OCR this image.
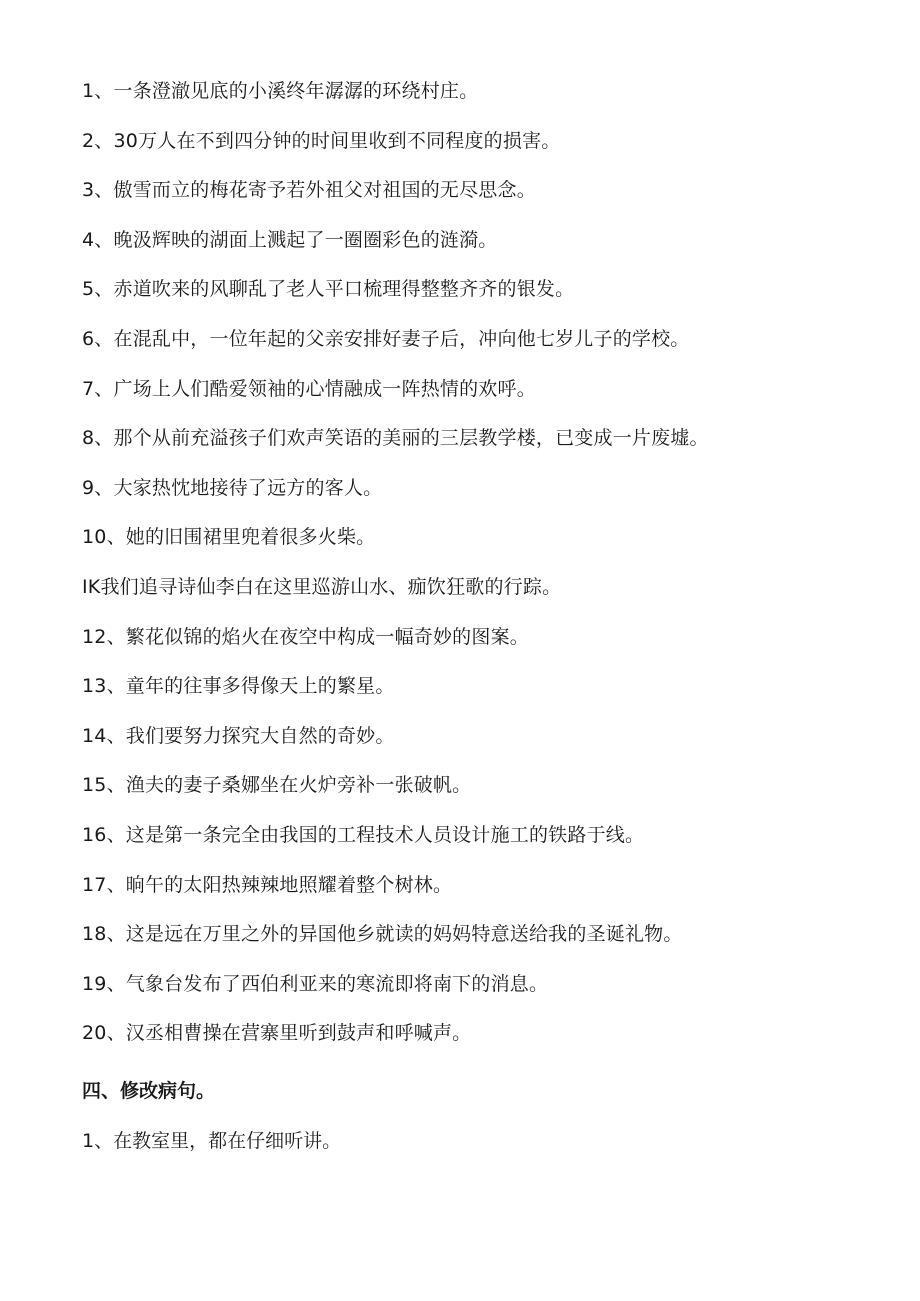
1、一条澄澈见底的小溪终年潺潺的环绕村庄。
2、30万人在不到四分钟的时间里收到不同程度的损害。
3、傲雪而立的梅花寄予若外祖父对祖国的无尽思念。
4、晚汲辉映的湖面上溅起了一圈圈彩色的涟漪。
5、赤道吹来的风聊乱了老人平口梳理得整整齐齐的银发。
6、在混乱中，一位年起的父亲安排好妻子后，冲向他七岁儿子的学校。
7、广场上人们酷爱领袖的心情融成一阵热情的欢呼。
8、那个从前充溢孩子们欢声笑语的美丽的三层教学楼，已变成一片废墟。
9、大家热忱地接待了远方的客人。
10、她的旧围裙里兜着很多火柴。
IK我们追寻诗仙李白在这里巡游山水、痂饮狂歌的行踪。
12、繁花似锦的焰火在夜空中构成一幅奇妙的图案。
13、童年的往事多得像天上的繁星。
14、我们要努力探究大自然的奇妙。
15、渔夫的妻子桑娜坐在火炉旁补一张破帆。
16、这是第一条完全由我国的工程技术人员设计施工的铁路于线。
17、晌午的太阳热辣辣地照耀着整个树林。
18、这是远在万里之外的异国他乡就读的妈妈特意送给我的圣诞礼物。
19、气象台发布了西伯利亚来的寒流即将南下的消息。
20、汉丞相曹操在营寨里听到鼓声和呼喊声。
四、修改病句。
1、在教室里，都在仔细听讲。
